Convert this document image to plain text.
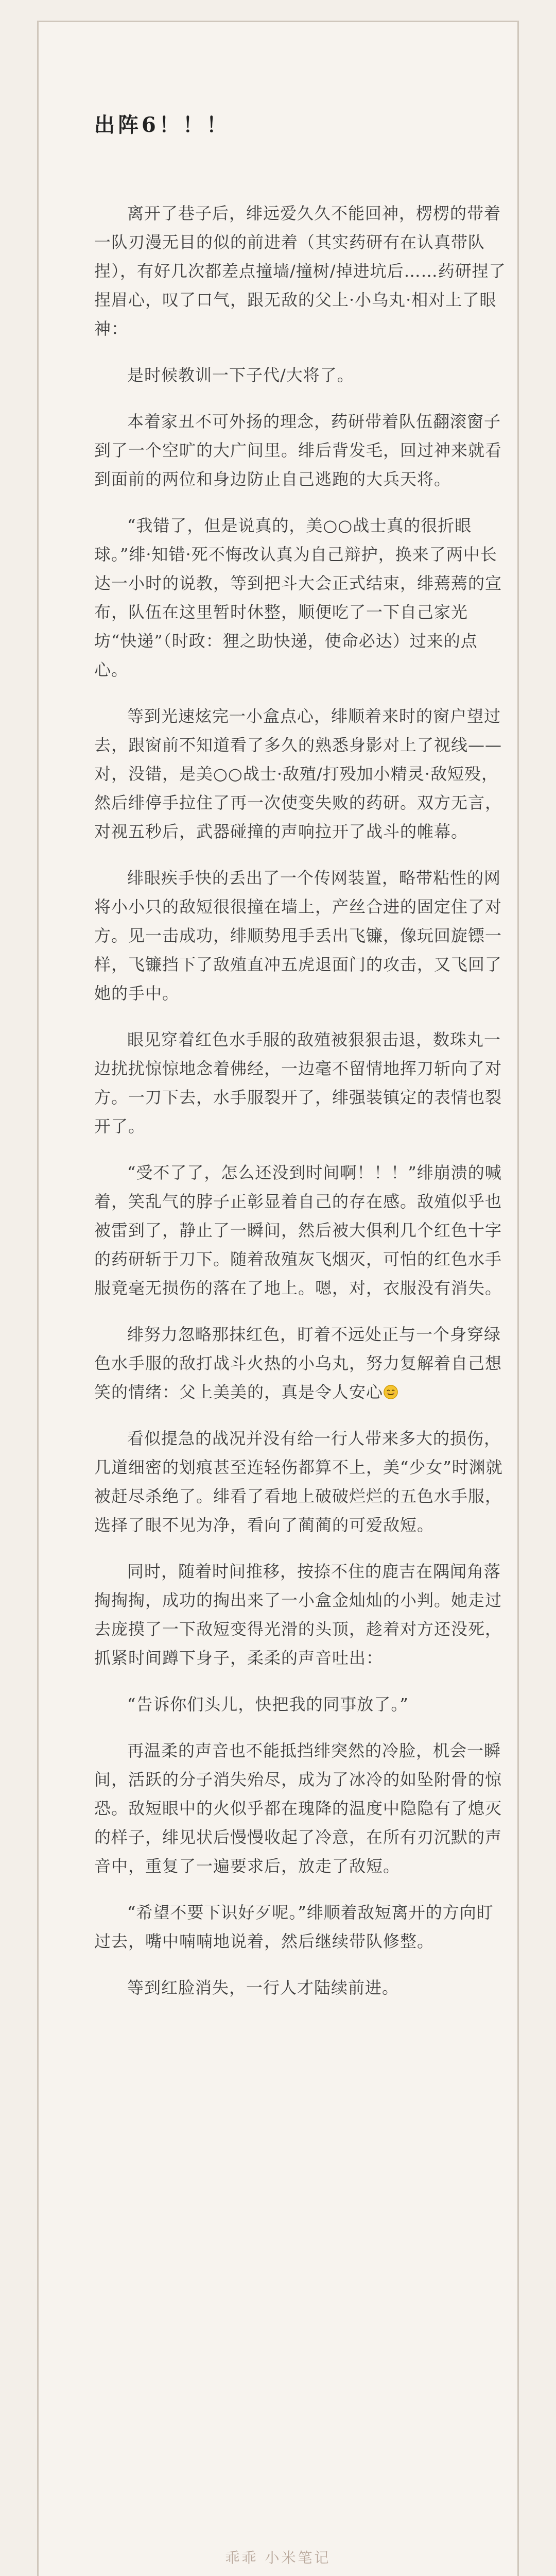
出阵6！！！

离开了巷子后，绯远爱久久不能回神，楞楞的带着一队刃漫无目的似的前进着（其实药研有在认真带队捏），有好几次都差点撞墙/撞树/掉进坑后……药研捏了捏眉心，叹了口气，跟无敌的父上·小乌丸·相对上了眼神：

是时候教训一下子代/大将了。

本着家丑不可外扬的理念，药研带着队伍翻滚窗子到了一个空旷的大广间里。绯后背发毛，回过神来就看到面前的两位和身边防止自己逃跑的大兵天将。

“我错了，但是说真的，美○○战士真的很折眼球。”绯·知错·死不悔改认真为自己辩护，换来了两中长达一小时的说教，等到把斗大会正式结束，绯蔫蔫的宣布，队伍在这里暂时休整，顺便吃了一下自己家光坊“快递”（时政：狸之助快递，使命必达）过来的点心。

等到光速炫完一小盒点心，绯顺着来时的窗户望过去，跟窗前不知道看了多久的熟悉身影对上了视线——对，没错，是美○○战士·敌殖/打殁加小精灵·敌短殁，然后绯停手拉住了再一次使变失败的药研。双方无言，对视五秒后，武器碰撞的声响拉开了战斗的帷幕。

绯眼疾手快的丢出了一个传网装置，略带粘性的网将小小只的敌短很很撞在墙上，产丝合进的固定住了对方。见一击成功，绯顺势甩手丢出飞镰，像玩回旋镖一样，飞镰挡下了敌殖直冲五虎退面门的攻击，又飞回了她的手中。

眼见穿着红色水手服的敌殖被狠狠击退，数珠丸一边扰扰惊惊地念着佛经，一边毫不留情地挥刀斩向了对方。一刀下去，水手服裂开了，绯强装镇定的表情也裂开了。

“受不了了，怎么还没到时间啊！！！”绯崩溃的喊着，笑乱气的脖子正彰显着自己的存在感。敌殖似乎也被雷到了，静止了一瞬间，然后被大俱利几个红色十字的药研斩于刀下。随着敌殖灰飞烟灭，可怕的红色水手服竟毫无损伤的落在了地上。嗯，对，衣服没有消失。

绯努力忽略那抹红色，盯着不远处正与一个身穿绿色水手服的敌打战斗火热的小乌丸，努力复解着自己想笑的情绪：父上美美的，真是令人安心

看似提急的战况并没有给一行人带来多大的损伤，几道细密的划痕甚至连轻伤都算不上，美“少女”时渊就被赶尽杀绝了。绯看了看地上破破烂烂的五色水手服，选择了眼不见为净，看向了蔺蔺的可爱敌短。

同时，随着时间推移，按捺不住的鹿吉在隅闻角落掏掏掏，成功的掏出来了一小盒金灿灿的小判。她走过去庞摸了一下敌短变得光滑的头顶，趁着对方还没死，抓紧时间蹲下身子，柔柔的声音吐出：

“告诉你们头儿，快把我的同事放了。”

再温柔的声音也不能抵挡绯突然的冷脸，机会一瞬间，活跃的分子消失殆尽，成为了冰冷的如坠附骨的惊恐。敌短眼中的火似乎都在瑰降的温度中隐隐有了熄灭的样子，绯见状后慢慢收起了冷意，在所有刃沉默的声音中，重复了一遍要求后，放走了敌短。

“希望不要下识好歹呢。”绯顺着敌短离开的方向盯过去，嘴中喃喃地说着，然后继续带队修整。

等到红脸消失，一行人才陆续前进。

乖乖 小米笔记
